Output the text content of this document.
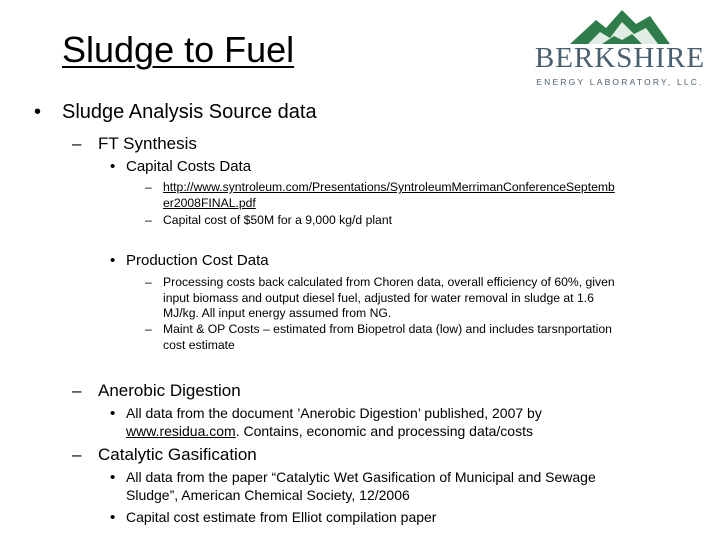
Sludge to Fuel	BERKSHIRE
ENERGY LABORATORY, LLC.
• Sludge Analysis Source data
– FT Synthesis
• Capital Costs Data
– http://www.syntroleum.com/Presentations/SyntroleumMerrimanConferenceSeptemb
er2008FINAL.pdf
– Capital cost of $50M for a 9,000 kg/d plant
• Production Cost Data
– Processing costs back calculated from Choren data, overall efficiency of 60%, given
input biomass and output diesel fuel, adjusted for water removal in sludge at 1.6
MJ/kg. All input energy assumed from NG.
– Maint & OP Costs – estimated from Biopetrol data (low) and includes tarsnportation
cost estimate
– Anerobic Digestion
• All data from the document ’Anerobic Digestion’ published, 2007 by
www.residua.com. Contains, economic and processing data/costs
– Catalytic Gasification
• All data from the paper “Catalytic Wet Gasification of Municipal and Sewage
Sludge”, American Chemical Society, 12/2006
• Capital cost estimate from Elliot compilation paper
